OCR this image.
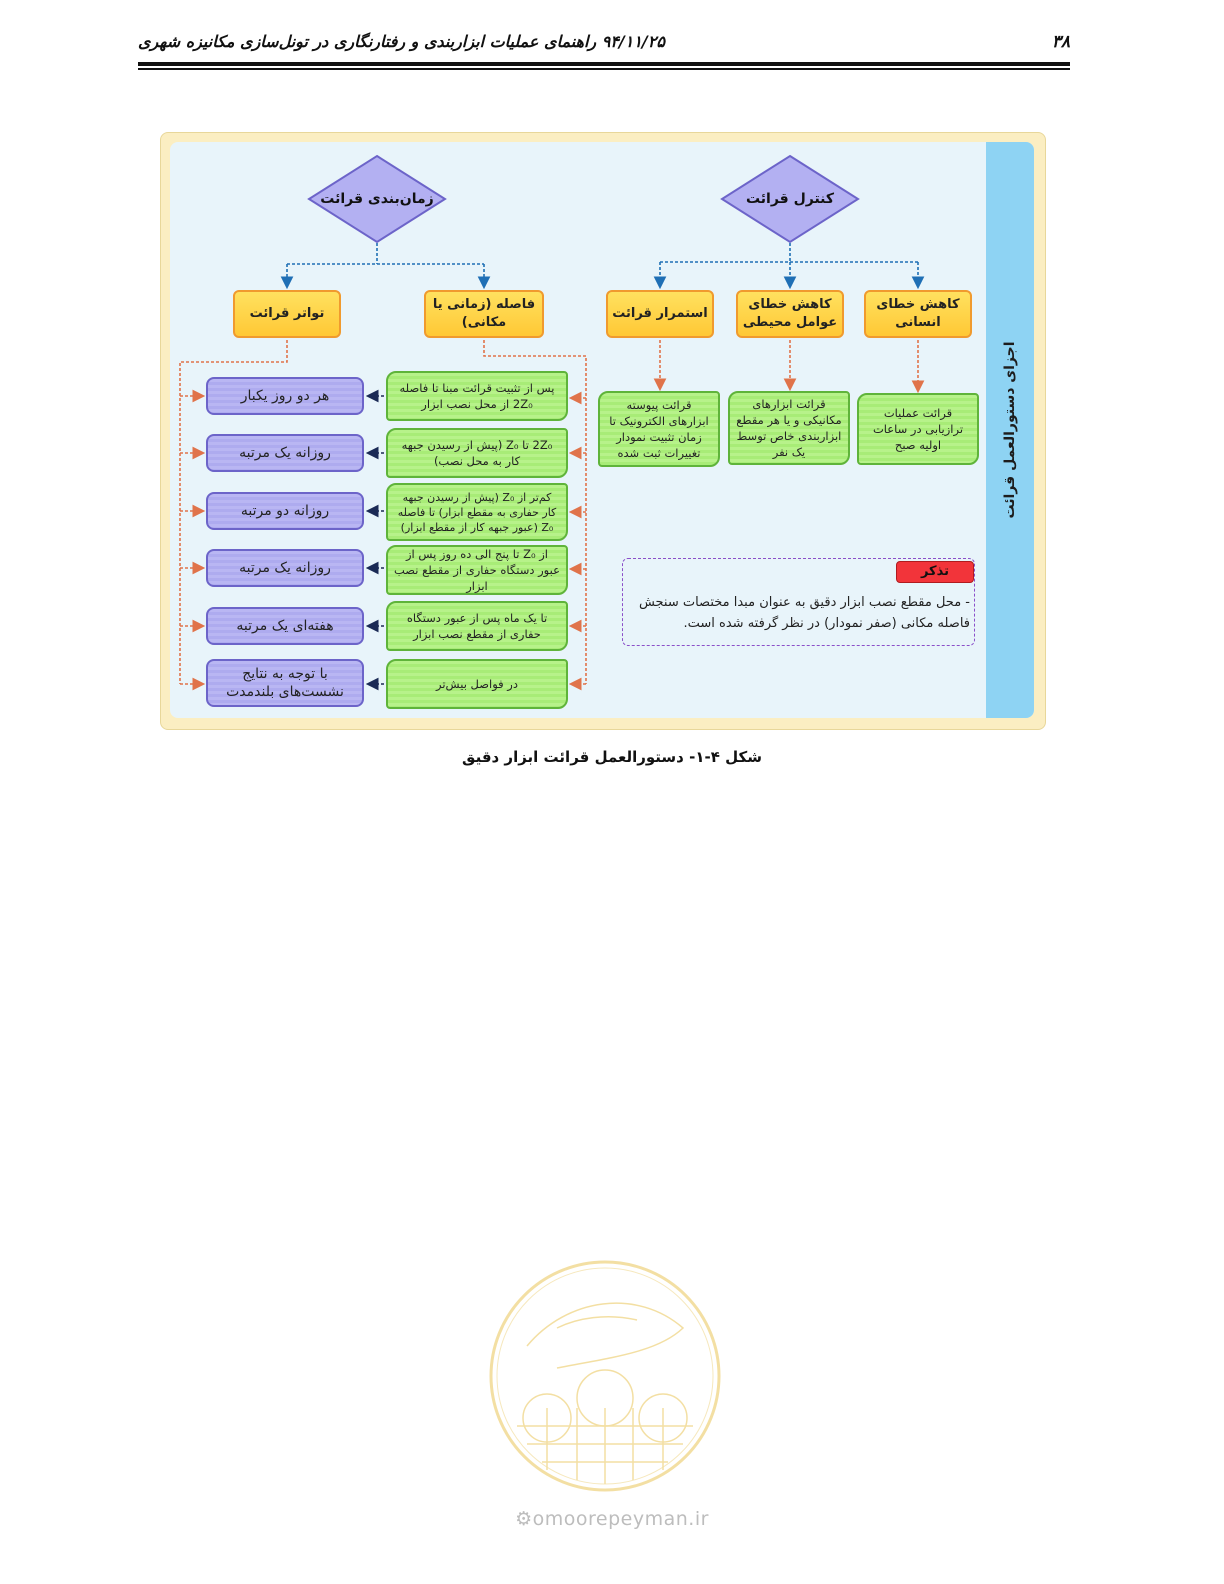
۳۸
۹۴/۱۱/۲۵ راهنمای عملیات ابزاربندی و رفتارنگاری در تونل‌سازی مکانیزه شهری
اجزای دستورالعمل قرائت
کنترل قرائت
زمان‌بندی قرائت
کاهش خطای انسانی
کاهش خطای عوامل محیطی
استمرار قرائت
فاصله (زمانی یا مکانی)
تواتر قرائت
قرائت عملیات ترازیابی در ساعات اولیه صبح
قرائت ابزارهای مکانیکی و یا هر مقطع ابزاربندی خاص توسط یک نفر
قرائت پیوسته ابزارهای الکترونیک تا زمان تثبیت نمودار تغییرات ثبت شده
پس از تثبیت قرائت مبنا تا فاصله 2Z₀ از محل نصب ابزار
2Z₀ تا Z₀ (پیش از رسیدن جبهه کار به محل نصب)
کم‌تر از Z₀ (پیش از رسیدن جبهه کار حفاری به مقطع ابزار) تا فاصله Z₀ (عبور جبهه کار از مقطع ابزار)
از Z₀ تا پنج الی ده روز پس از عبور دستگاه حفاری از مقطع نصب ابزار
تا یک ماه پس از عبور دستگاه حفاری از مقطع نصب ابزار
در فواصل بیش‌تر
هر دو روز یکبار
روزانه یک مرتبه
روزانه دو مرتبه
روزانه یک مرتبه
هفته‌ای یک مرتبه
با توجه به نتایج نشست‌های بلندمدت
تذکر
- محل مقطع نصب ابزار دقیق به عنوان مبدا مختصات سنجش فاصله مکانی (صفر نمودار) در نظر گرفته شده است.
شکل ۴-۱- دستورالعمل قرائت ابزار دقیق
⚙omoorepeyman.ir
